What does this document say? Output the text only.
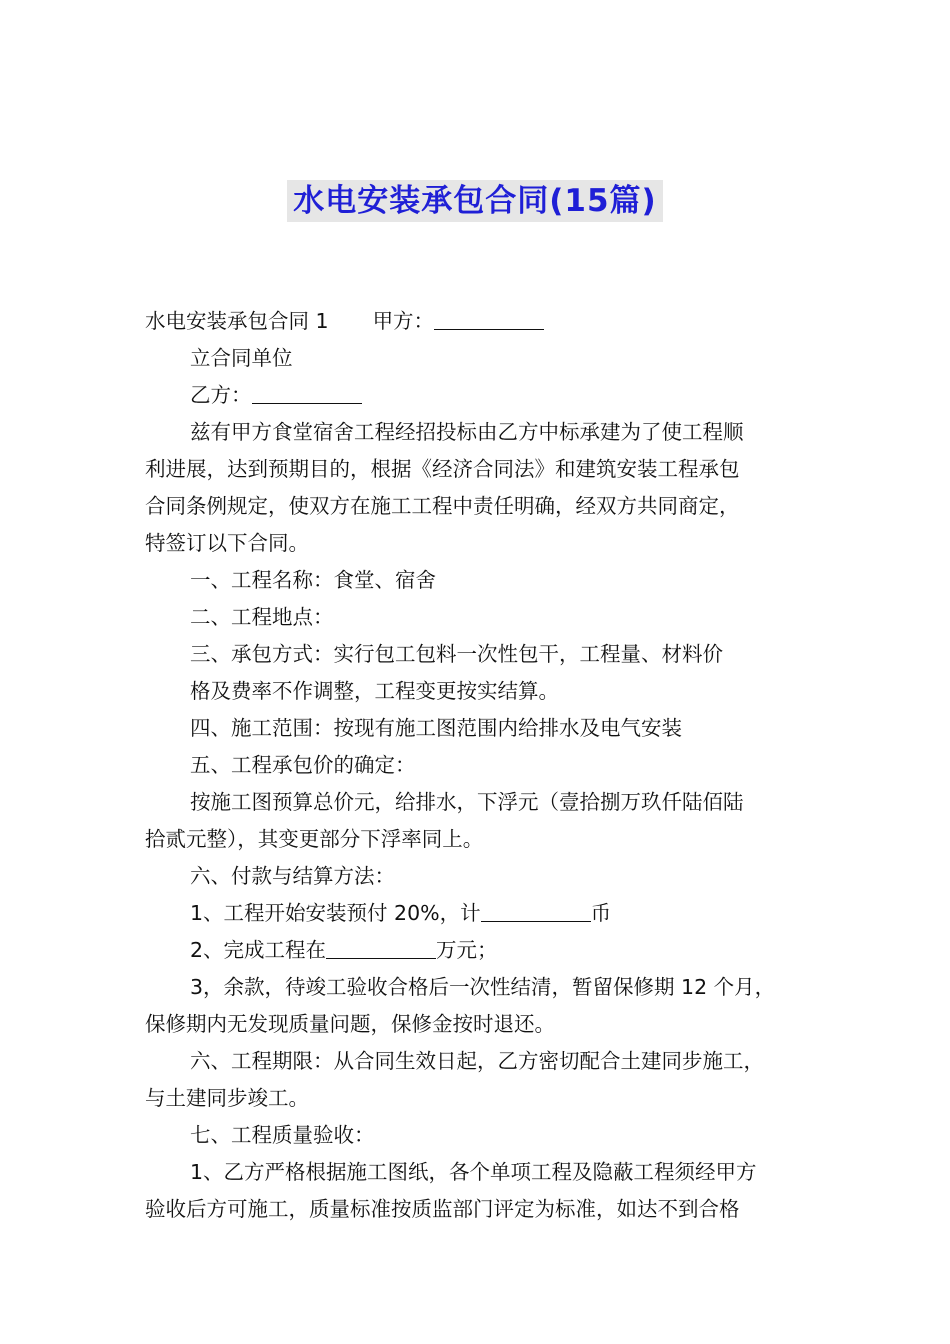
水电安装承包合同(15篇)
水电安装承包合同 1 甲方：
立合同单位
乙方：
兹有甲方食堂宿舍工程经招投标由乙方中标承建为了使工程顺
利进展，达到预期目的，根据《经济合同法》和建筑安装工程承包
合同条例规定，使双方在施工工程中责任明确，经双方共同商定，
特签订以下合同。
一、工程名称：食堂、宿舍
二、工程地点：
三、承包方式：实行包工包料一次性包干，工程量、材料价
格及费率不作调整，工程变更按实结算。
四、施工范围：按现有施工图范围内给排水及电气安装
五、工程承包价的确定：
按施工图预算总价元，给排水，下浮元（壹拾捌万玖仟陆佰陆
拾贰元整），其变更部分下浮率同上。
六、付款与结算方法：
1、工程开始安装预付 20%，计	币
2、完成工程在	万元；
3，余款，待竣工验收合格后一次性结清，暂留保修期 12 个月，
保修期内无发现质量问题，保修金按时退还。
六、工程期限：从合同生效日起，乙方密切配合土建同步施工，
与土建同步竣工。
七、工程质量验收：
1、乙方严格根据施工图纸，各个单项工程及隐蔽工程须经甲方
验收后方可施工，质量标准按质监部门评定为标准，如达不到合格
